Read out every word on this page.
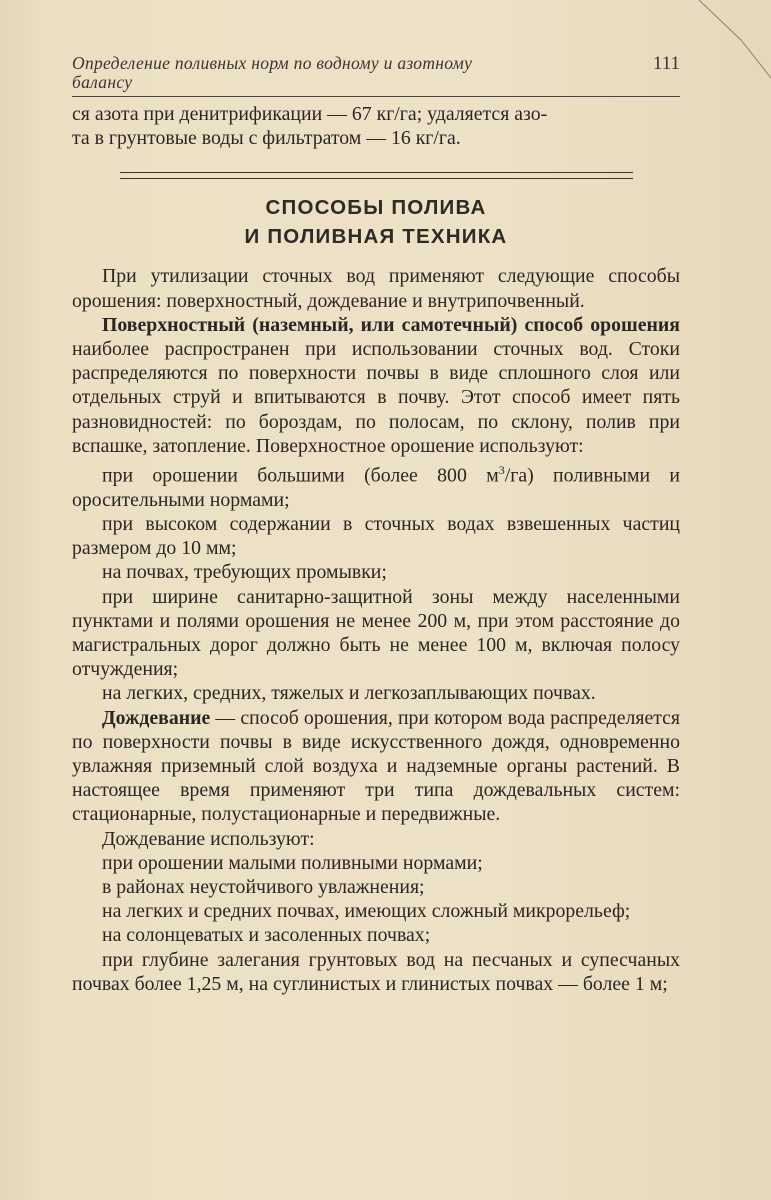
Определение поливных норм по водному и азотному
балансу
111

ся азота при денитрификации — 67 кг/га; удаляется азо-

та в грунтовые воды с фильтратом — 16 кг/га.

СПОСОБЫ ПОЛИВА
И ПОЛИВНАЯ ТЕХНИКА

При утилизации сточных вод применяют следующие способы орошения: поверхностный, дождевание и внутрипочвенный.

Поверхностный (наземный, или самотечный) способ орошения наиболее распространен при использовании сточных вод. Стоки распределяются по поверхности почвы в виде сплошного слоя или отдельных струй и впитываются в почву. Этот способ имеет пять разновидностей: по бороздам, по полосам, по склону, полив при вспашке, затопление. Поверхностное орошение используют:

при орошении большими (более 800 $м^3/га$) поливными и оросительными нормами;

при высоком содержании в сточных водах взвешенных частиц размером до 10 мм;

на почвах, требующих промывки;

при ширине санитарно-защитной зоны между населенными пунктами и полями орошения не менее 200 м, при этом расстояние до магистральных дорог должно быть не менее 100 м, включая полосу отчуждения;

на легких, средних, тяжелых и легкозаплывающих почвах.

Дождевание — способ орошения, при котором вода распределяется по поверхности почвы в виде искусственного дождя, одновременно увлажняя приземный слой воздуха и надземные органы растений. В настоящее время применяют три типа дождевальных систем: стационарные, полустационарные и передвижные.

Дождевание используют:

при орошении малыми поливными нормами;

в районах неустойчивого увлажнения;

на легких и средних почвах, имеющих сложный микрорельеф;

на солонцеватых и засоленных почвах;

при глубине залегания грунтовых вод на песчаных и супесчаных почвах более 1,25 м, на суглинистых и глинистых почвах — более 1 м;
